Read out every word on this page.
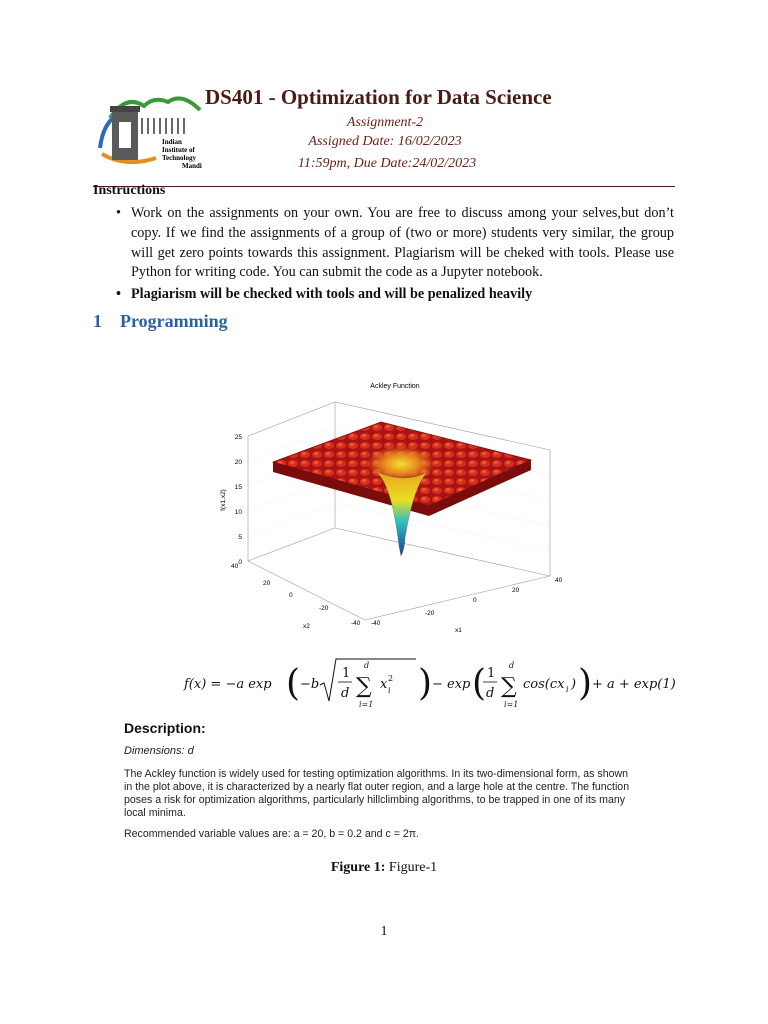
Indian
Institute of
Technology
Mandi
DS401 - Optimization for Data Science
Assignment-2
Assigned Date: 16/02/2023
11:59pm, Due Date:24/02/2023
Instructions
• Work on the assignments on your own. You are free to discuss among your selves,but don’t copy. If we find the assignments of a group of (two or more) students very similar, the group will get zero points towards this assignment. Plagiarism will be cheked with tools. Please use Python for writing code. You can submit the code as a Jupyter notebook.
• Plagiarism will be checked with tools and will be penalized heavily
1 Programming
Ackley Function
25
20
15
10
5
0
f(x1,x2)
40
20
0
-20
-40
x2	-40
-20
0
20
40
x1
f(x) = −a exp ( −b
1
d
d
∑
i=1
x 2
i ) − exp ( 1
d
d
∑
i=1
cos(cx i ) ) + a + exp(1)
Description:
Dimensions: d
The Ackley function is widely used for testing optimization algorithms. In its two-dimensional form, as shown
in the plot above, it is characterized by a nearly flat outer region, and a large hole at the centre. The function
poses a risk for optimization algorithms, particularly hillclimbing algorithms, to be trapped in one of its many
local minima.
Recommended variable values are: a = 20, b = 0.2 and c = 2π.
Figure 1: Figure-1
1
